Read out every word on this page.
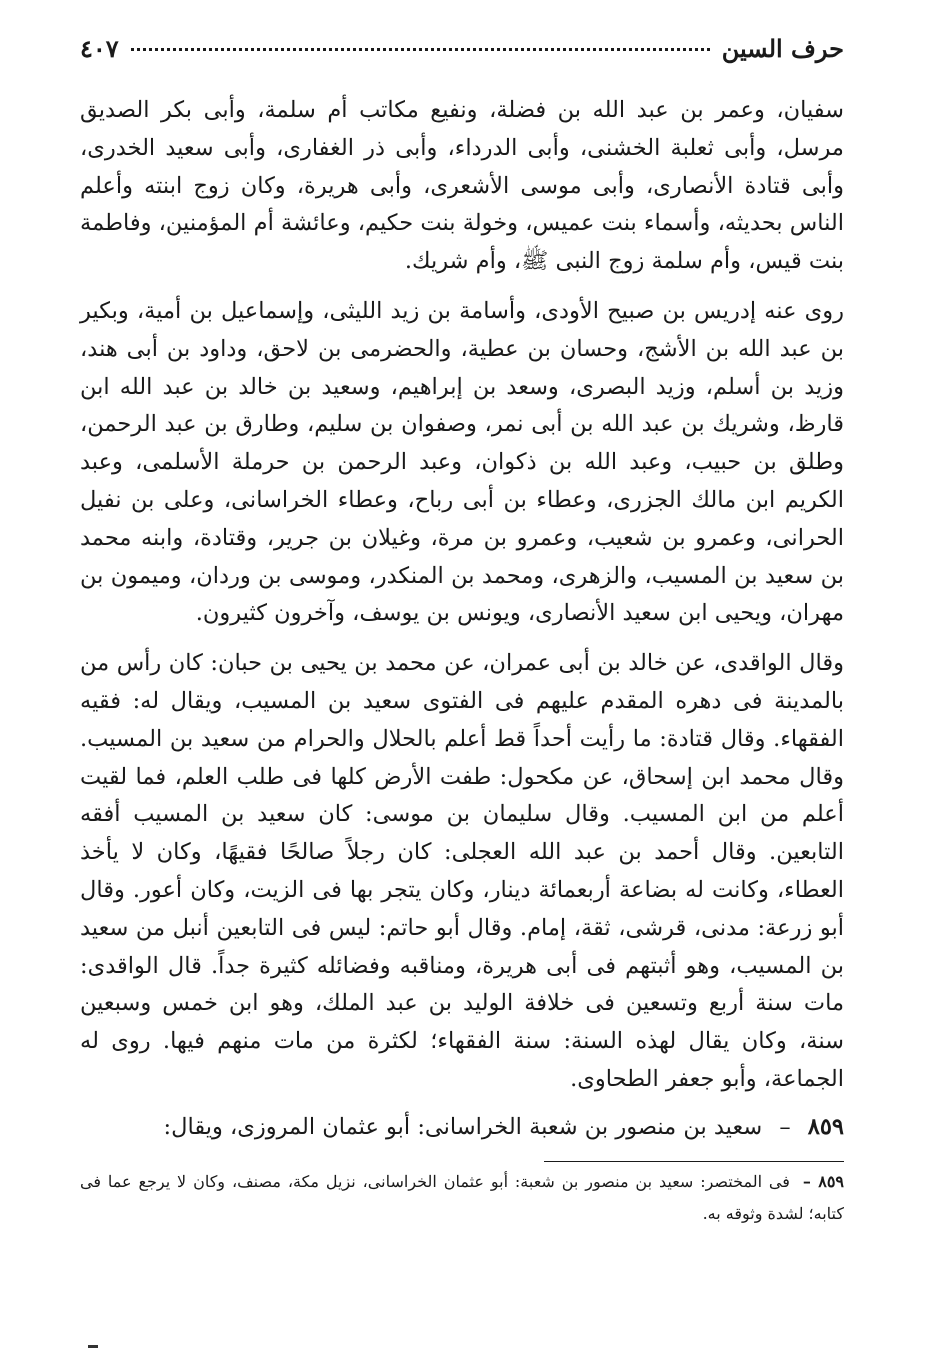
حرف السين
٤٠٧

سفيان، وعمر بن عبد الله بن فضلة، ونفيع مكاتب أم سلمة، وأبى بكر الصديق مرسل، وأبى ثعلبة الخشنى، وأبى الدرداء، وأبى ذر الغفارى، وأبى سعيد الخدرى، وأبى قتادة الأنصارى، وأبى موسى الأشعرى، وأبى هريرة، وكان زوج ابنته وأعلم الناس بحديثه، وأسماء بنت عميس، وخولة بنت حكيم، وعائشة أم المؤمنين، وفاطمة بنت قيس، وأم سلمة زوج النبى ﷺ، وأم شريك.

روى عنه إدريس بن صبيح الأودى، وأسامة بن زيد الليثى، وإسماعيل بن أمية، وبكير بن عبد الله بن الأشج، وحسان بن عطية، والحضرمى بن لاحق، وداود بن أبى هند، وزيد بن أسلم، وزيد البصرى، وسعد بن إبراهيم، وسعيد بن خالد بن عبد الله ابن قارظ، وشريك بن عبد الله بن أبى نمر، وصفوان بن سليم، وطارق بن عبد الرحمن، وطلق بن حبيب، وعبد الله بن ذكوان، وعبد الرحمن بن حرملة الأسلمى، وعبد الكريم ابن مالك الجزرى، وعطاء بن أبى رباح، وعطاء الخراسانى، وعلى بن نفيل الحرانى، وعمرو بن شعيب، وعمرو بن مرة، وغيلان بن جرير، وقتادة، وابنه محمد بن سعيد بن المسيب، والزهرى، ومحمد بن المنكدر، وموسى بن وردان، وميمون بن مهران، ويحيى ابن سعيد الأنصارى، ويونس بن يوسف، وآخرون كثيرون.

وقال الواقدى، عن خالد بن أبى عمران، عن محمد بن يحيى بن حبان: كان رأس من بالمدينة فى دهره المقدم عليهم فى الفتوى سعيد بن المسيب، ويقال له: فقيه الفقهاء. وقال قتادة: ما رأيت أحداً قط أعلم بالحلال والحرام من سعيد بن المسيب. وقال محمد ابن إسحاق، عن مكحول: طفت الأرض كلها فى طلب العلم، فما لقيت أعلم من ابن المسيب. وقال سليمان بن موسى: كان سعيد بن المسيب أفقه التابعين. وقال أحمد بن عبد الله العجلى: كان رجلاً صالحًا فقيهًا، وكان لا يأخذ العطاء، وكانت له بضاعة أربعمائة دينار، وكان يتجر بها فى الزيت، وكان أعور. وقال أبو زرعة: مدنى، قرشى، ثقة، إمام. وقال أبو حاتم: ليس فى التابعين أنبل من سعيد بن المسيب، وهو أثبتهم فى أبى هريرة، ومناقبه وفضائله كثيرة جداً. قال الواقدى: مات سنة أربع وتسعين فى خلافة الوليد بن عبد الملك، وهو ابن خمس وسبعين سنة، وكان يقال لهذه السنة: سنة الفقهاء؛ لكثرة من مات منهم فيها. روى له الجماعة، وأبو جعفر الطحاوى.

٨٥٩ – سعيد بن منصور بن شعبة الخراسانى: أبو عثمان المروزى، ويقال:
٨٥٩ – فى المختصر: سعيد بن منصور بن شعبة: أبو عثمان الخراسانى، نزيل مكة، مصنف، وكان لا يرجع عما فى كتابه؛ لشدة وثوقه به.
